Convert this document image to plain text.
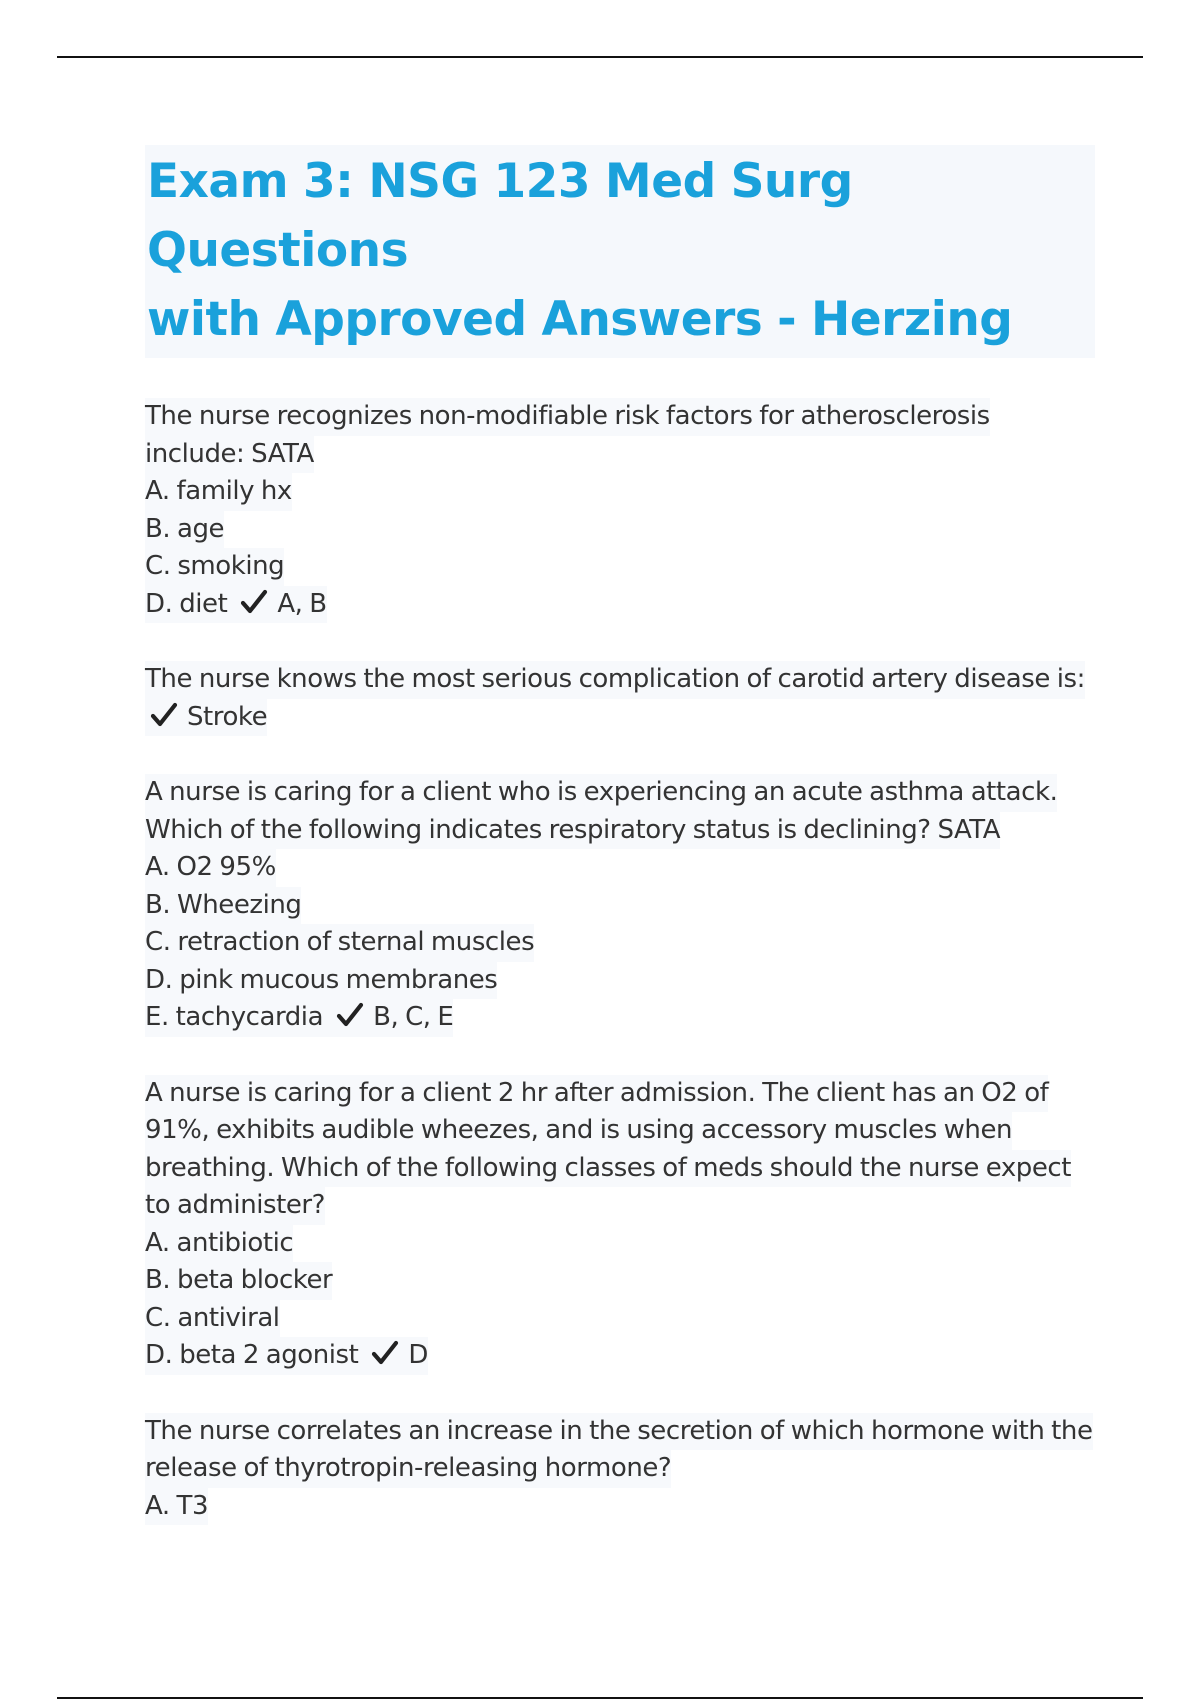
Exam 3: NSG 123 Med Surg Questions
with Approved Answers - Herzing
The nurse recognizes non-modifiable risk factors for atherosclerosis
include: SATA
A. family hx
B. age
C. smoking
D. diet A, B
The nurse knows the most serious complication of carotid artery disease is:
Stroke
A nurse is caring for a client who is experiencing an acute asthma attack.
Which of the following indicates respiratory status is declining? SATA
A. O2 95%
B. Wheezing
C. retraction of sternal muscles
D. pink mucous membranes
E. tachycardia B, C, E
A nurse is caring for a client 2 hr after admission. The client has an O2 of
91%, exhibits audible wheezes, and is using accessory muscles when
breathing. Which of the following classes of meds should the nurse expect
to administer?
A. antibiotic
B. beta blocker
C. antiviral
D. beta 2 agonist D
The nurse correlates an increase in the secretion of which hormone with the
release of thyrotropin-releasing hormone?
A. T3
